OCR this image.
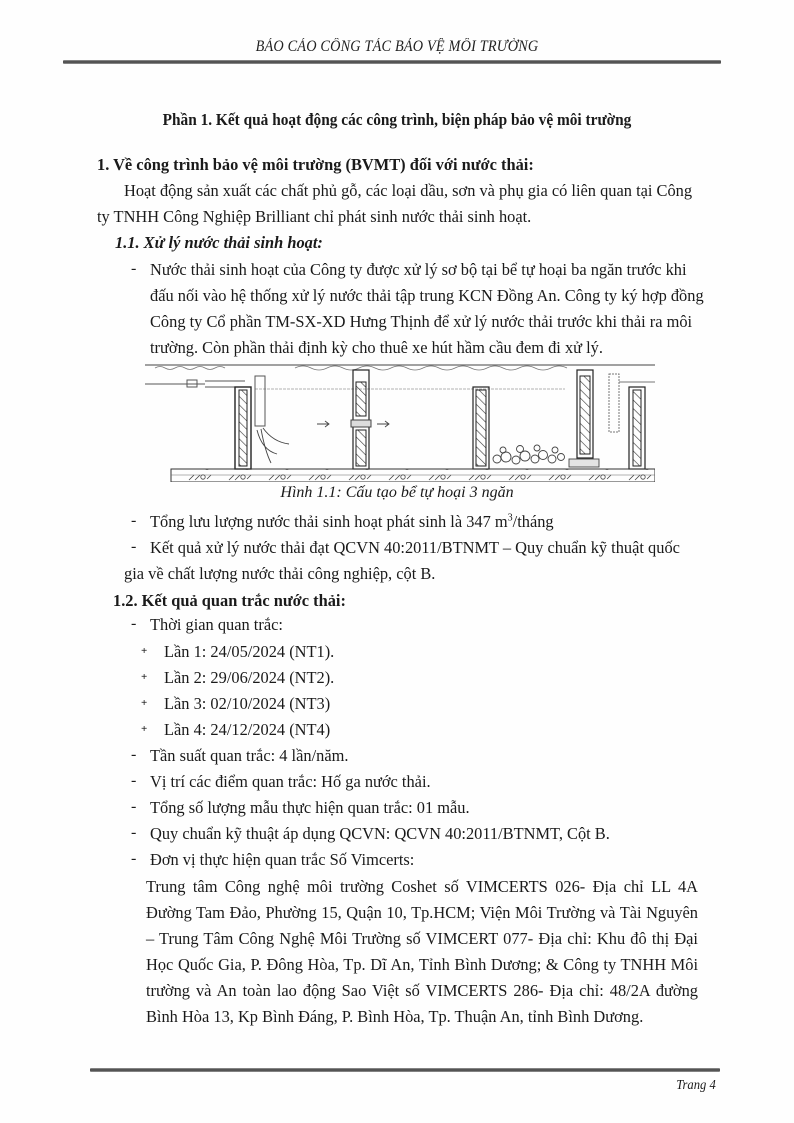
BÁO CÁO CÔNG TÁC BẢO VỆ MÔI TRƯỜNG
Phần 1. Kết quả hoạt động các công trình, biện pháp bảo vệ môi trường
1. Về công trình bảo vệ môi trường (BVMT) đối với nước thải:
Hoạt động sản xuất các chất phủ gỗ, các loại dầu, sơn và phụ gia có liên quan tại Công
ty TNHH Công Nghiệp Brilliant chỉ phát sinh nước thải sinh hoạt.
1.1. Xử lý nước thải sinh hoạt:
- Nước thải sinh hoạt của Công ty được xử lý sơ bộ tại bể tự hoại ba ngăn trước khi
đấu nối vào hệ thống xử lý nước thải tập trung KCN Đồng An. Công ty ký hợp đồng
Công ty Cổ phần TM-SX-XD Hưng Thịnh để xử lý nước thải trước khi thải ra môi
trường. Còn phần thải định kỳ cho thuê xe hút hầm cầu đem đi xử lý.
Hình 1.1: Cấu tạo bể tự hoại 3 ngăn
- Tổng lưu lượng nước thải sinh hoạt phát sinh là 347 $m^3$/tháng
- Kết quả xử lý nước thải đạt QCVN 40:2011/BTNMT – Quy chuẩn kỹ thuật quốc
gia về chất lượng nước thải công nghiệp, cột B.
1.2. Kết quả quan trắc nước thải:
- Thời gian quan trắc:
+ Lần 1: 24/05/2024 (NT1).
+ Lần 2: 29/06/2024 (NT2).
+ Lần 3: 02/10/2024 (NT3)
+ Lần 4: 24/12/2024 (NT4)
- Tần suất quan trắc: 4 lần/năm.
- Vị trí các điểm quan trắc: Hố ga nước thải.
- Tổng số lượng mẫu thực hiện quan trắc: 01 mẫu.
- Quy chuẩn kỹ thuật áp dụng QCVN: QCVN 40:2011/BTNMT, Cột B.
- Đơn vị thực hiện quan trắc Số Vimcerts:
Trung tâm Công nghệ môi trường Coshet số VIMCERTS 026- Địa chỉ LL 4A
Đường Tam Đảo, Phường 15, Quận 10, Tp.HCM; Viện Môi Trường và Tài Nguyên
– Trung Tâm Công Nghệ Môi Trường số VIMCERT 077- Địa chỉ: Khu đô thị Đại
Học Quốc Gia, P. Đông Hòa, Tp. Dĩ An, Tỉnh Bình Dương; & Công ty TNHH Môi
trường và An toàn lao động Sao Việt số VIMCERTS 286- Địa chỉ: 48/2A đường
Bình Hòa 13, Kp Bình Đáng, P. Bình Hòa, Tp. Thuận An, tỉnh Bình Dương.
Trang 4
